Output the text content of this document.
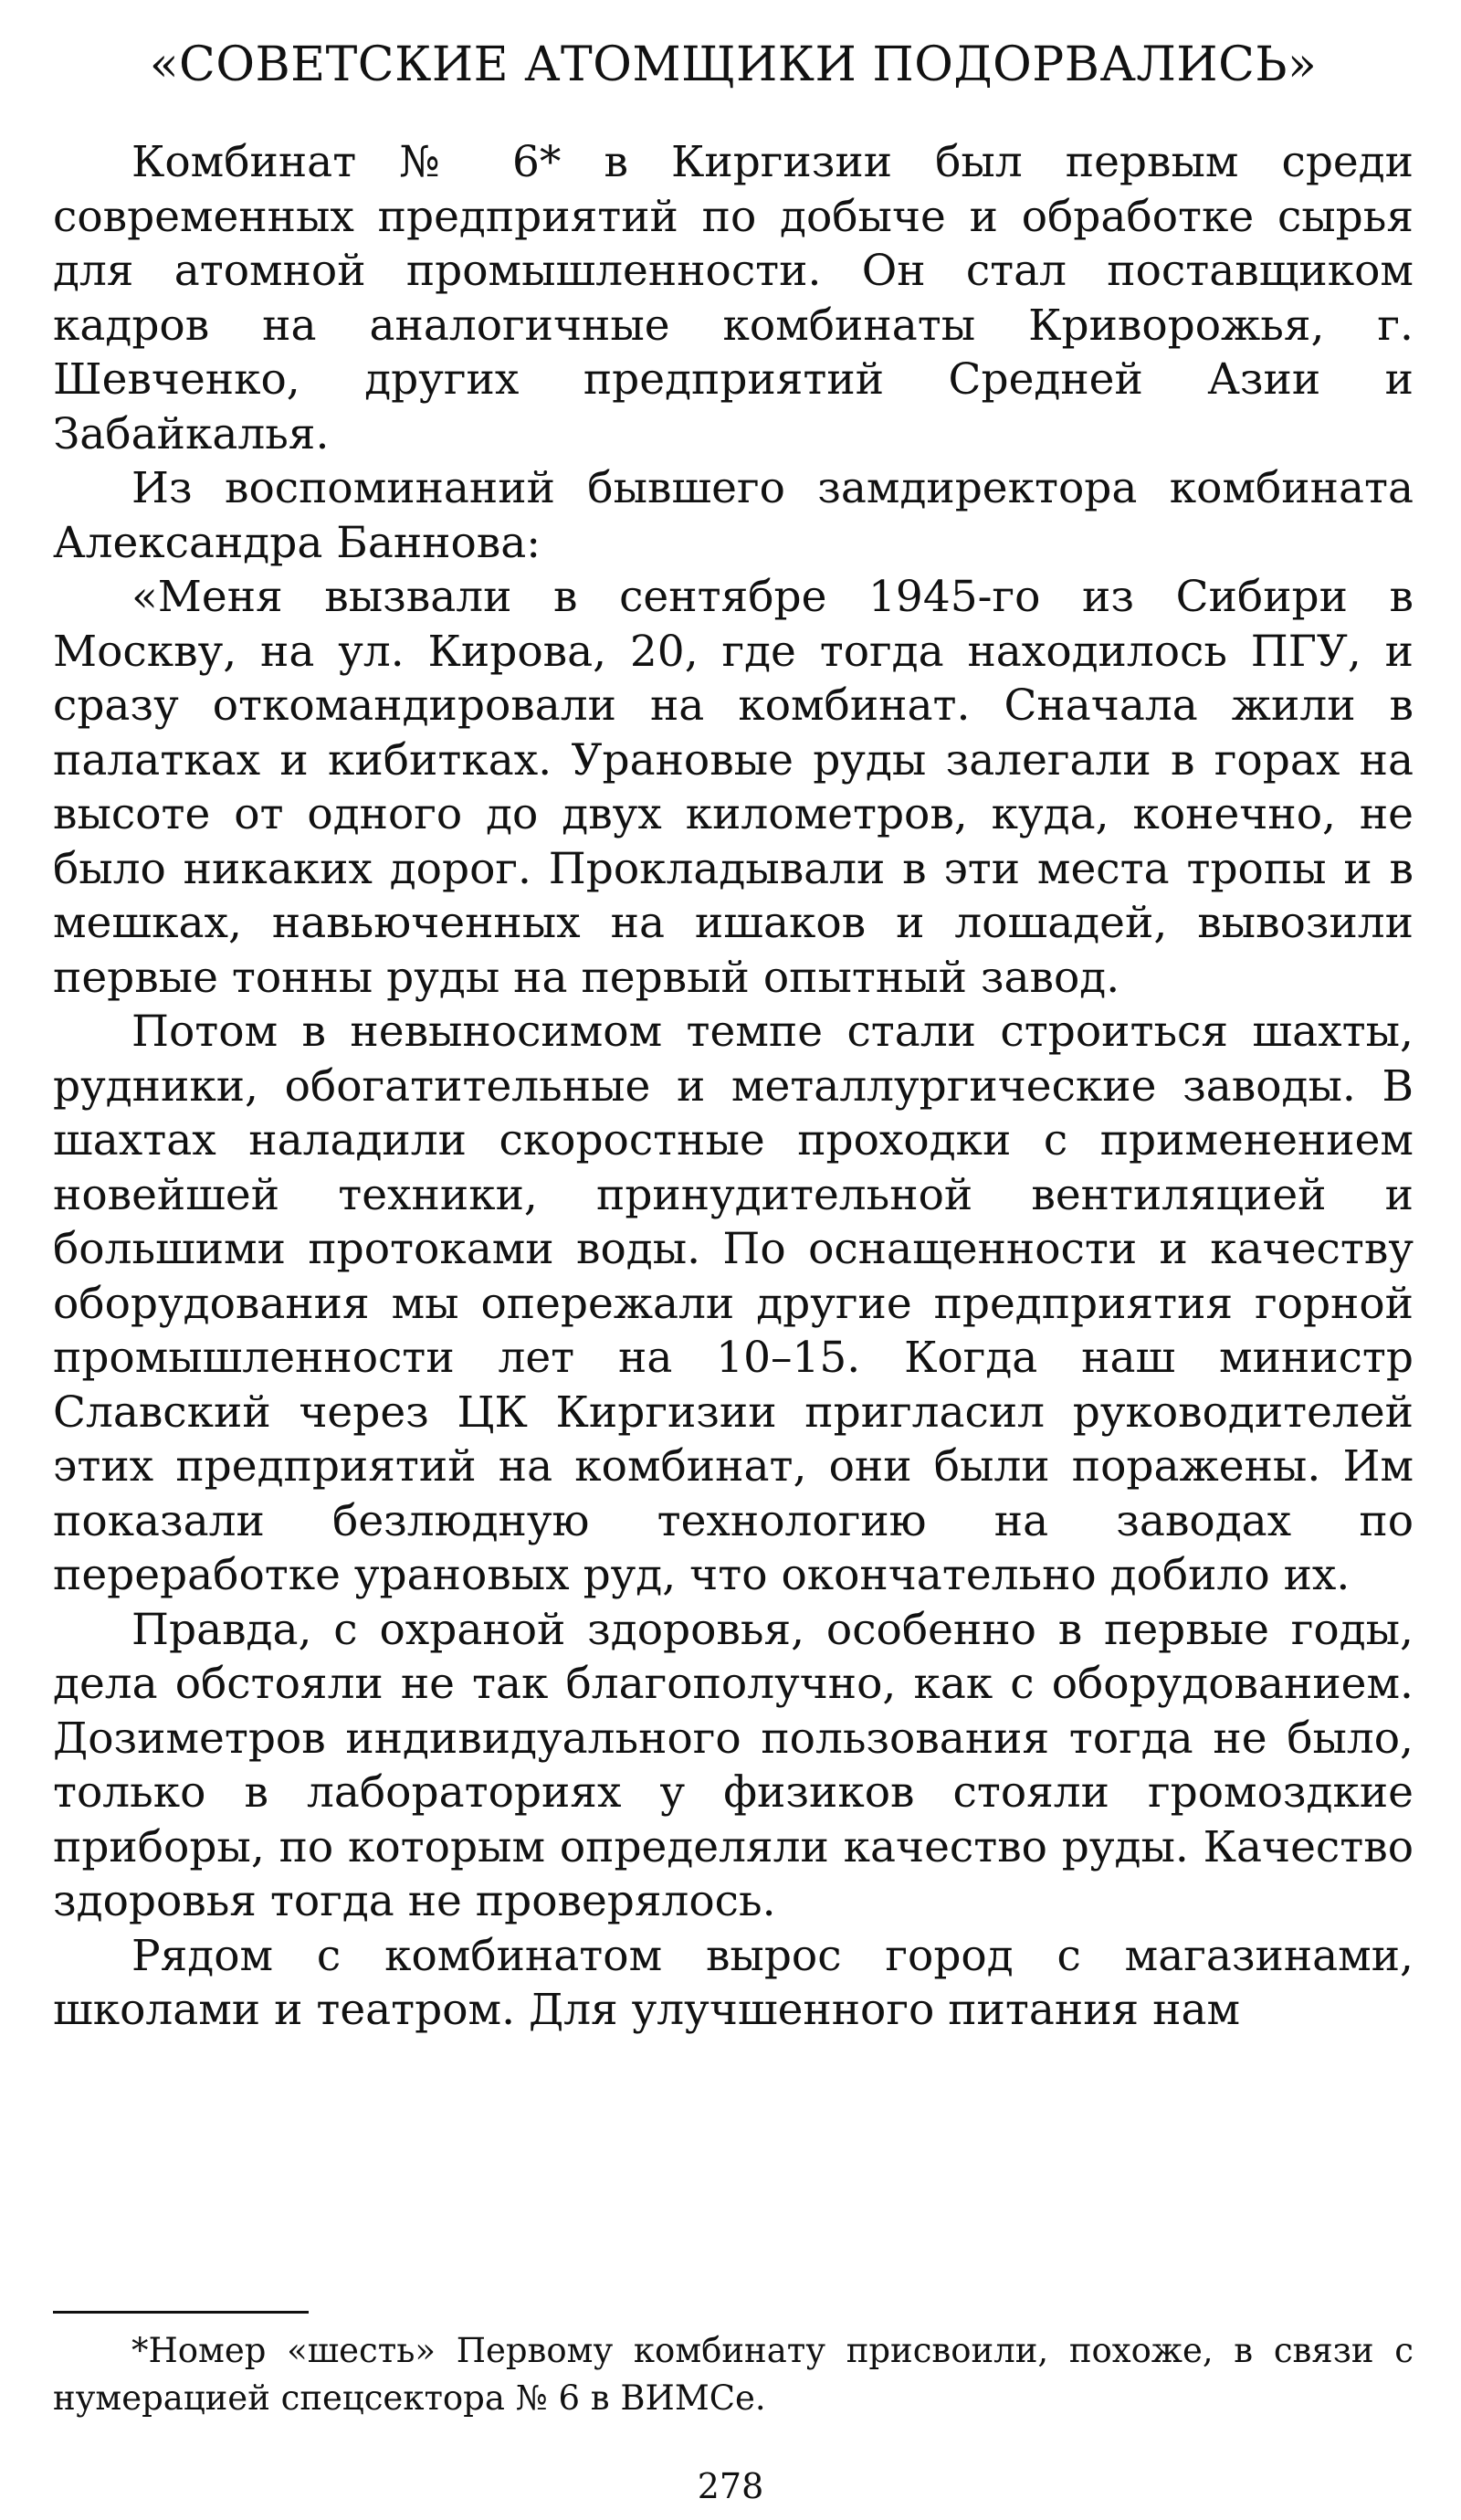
«СОВЕТСКИЕ АТОМЩИКИ ПОДОРВАЛИСЬ»

Комбинат № 6* в Киргизии был первым среди современных предприятий по добыче и обработке сырья для атомной промышленности. Он стал поставщиком кадров на аналогичные комбинаты Криворожья, г. Шевченко, других предприятий Средней Азии и Забайкалья.

Из воспоминаний бывшего замдиректора комбината Александра Баннова:

«Меня вызвали в сентябре 1945-го из Сибири в Москву, на ул. Кирова, 20, где тогда находилось ПГУ, и сразу откомандировали на комбинат. Сначала жили в палатках и кибитках. Урановые руды залегали в горах на высоте от одного до двух километров, куда, конечно, не было никаких дорог. Прокладывали в эти места тропы и в мешках, навьюченных на ишаков и лошадей, вывозили первые тонны руды на первый опытный завод.

Потом в невыносимом темпе стали строиться шахты, рудники, обогатительные и металлургические заводы. В шахтах наладили скоростные проходки с применением новейшей техники, принудительной вентиляцией и большими протоками воды. По оснащенности и качеству оборудования мы опережали другие предприятия горной промышленности лет на 10–15. Когда наш министр Славский через ЦК Киргизии пригласил руководителей этих предприятий на комбинат, они были поражены. Им показали безлюдную технологию на заводах по переработке урановых руд, что окончательно добило их.

Правда, с охраной здоровья, особенно в первые годы, дела обстояли не так благополучно, как с оборудованием. Дозиметров индивидуального пользования тогда не было, только в лабораториях у физиков стояли громоздкие приборы, по которым определяли качество руды. Качество здоровья тогда не проверялось.

Рядом с комбинатом вырос город с магазинами, школами и театром. Для улучшенного питания нам

*Номер «шесть» Первому комбинату присвоили, похоже, в связи с нумерацией спецсектора № 6 в ВИМСе.

278
